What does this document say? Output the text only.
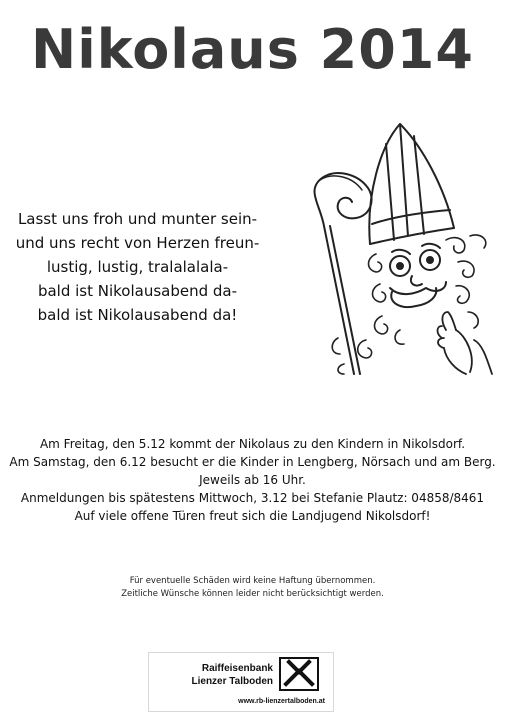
Nikolaus 2014
Lasst uns froh und munter sein-
und uns recht von Herzen freun-
lustig, lustig, tralalalala-
bald ist Nikolausabend da-
bald ist Nikolausabend da!
Am Freitag, den 5.12 kommt der Nikolaus zu den Kindern in Nikolsdorf.
Am Samstag, den 6.12 besucht er die Kinder in Lengberg, Nörsach und am Berg.
Jeweils ab 16 Uhr.
Anmeldungen bis spätestens Mittwoch, 3.12 bei Stefanie Plautz: 04858/8461
Auf viele offene Türen freut sich die Landjugend Nikolsdorf!
Für eventuelle Schäden wird keine Haftung übernommen.
Zeitliche Wünsche können leider nicht berücksichtigt werden.
Raiffeisenbank
Lienzer Talboden
www.rb-lienzertalboden.at
